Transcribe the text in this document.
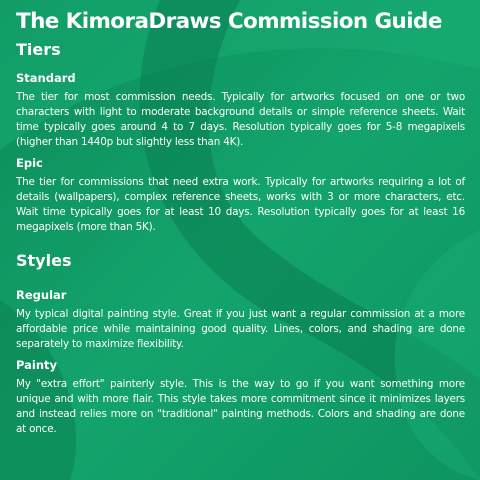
The KimoraDraws Commission Guide
Tiers
Standard

The tier for most commission needs. Typically for artworks focused on one or two characters with light to moderate background details or simple reference sheets. Wait time typically goes around 4 to 7 days. Resolution typically goes for 5-8 megapixels (higher than 1440p but slightly less than 4K).

Epic

The tier for commissions that need extra work. Typically for artworks requiring a lot of details (wallpapers), complex reference sheets, works with 3 or more characters, etc. Wait time typically goes for at least 10 days. Resolution typically goes for at least 16 megapixels (more than 5K).

Styles
Regular

My typical digital painting style. Great if you just want a regular commission at a more affordable price while maintaining good quality. Lines, colors, and shading are done separately to maximize flexibility.

Painty

My "extra effort" painterly style. This is the way to go if you want something more unique and with more flair. This style takes more commitment since it minimizes layers and instead relies more on "traditional" painting methods. Colors and shading are done at once.
